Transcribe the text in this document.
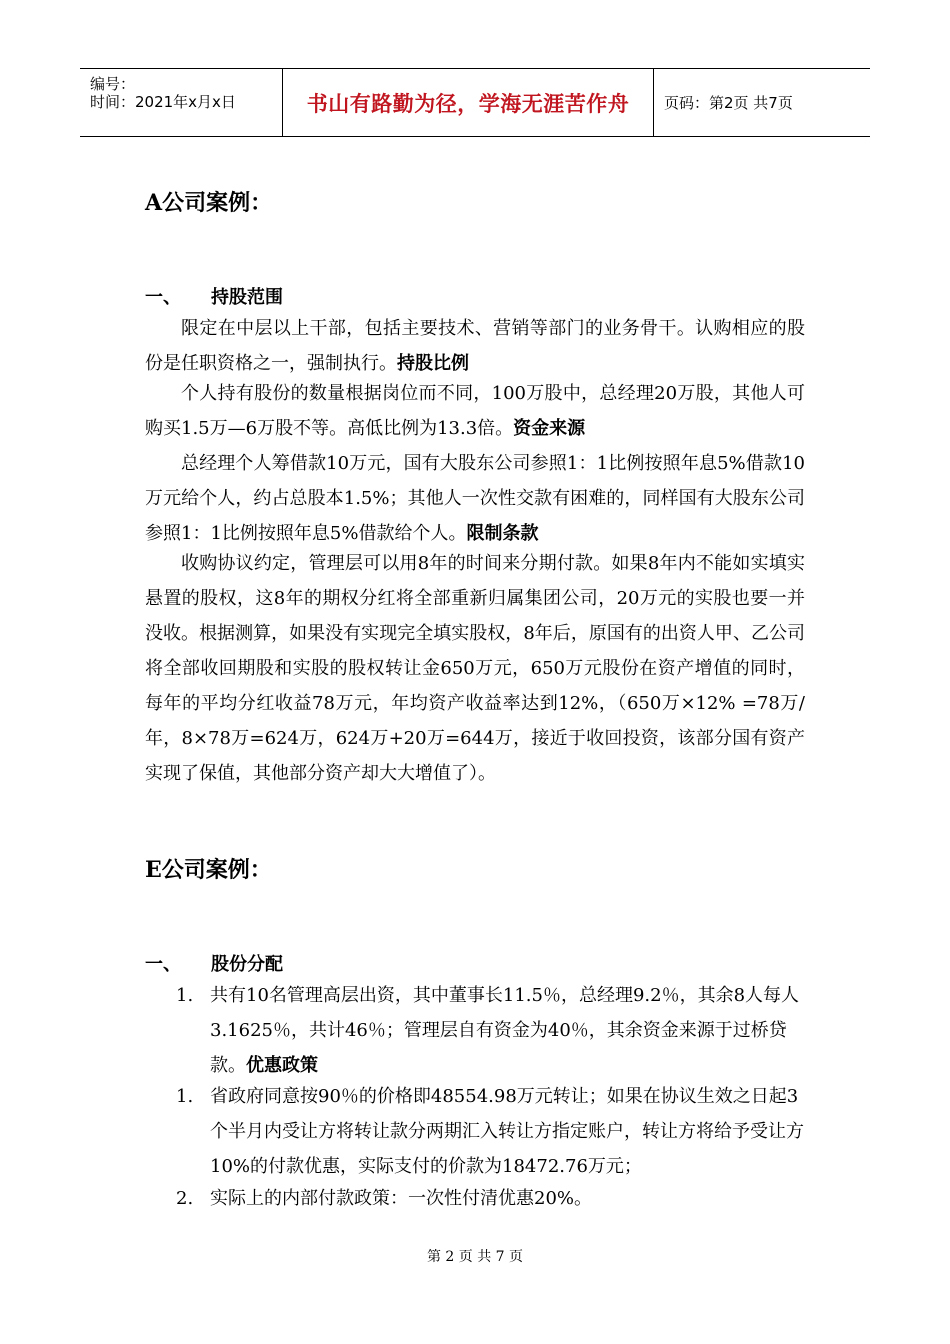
编号：
时间：2021年x月x日	书山有路勤为径，学海无涯苦作舟	页码：第2页 共7页
A公司案例：
一、 持股范围

限定在中层以上干部，包括主要技术、营销等部门的业务骨干。认购相应的股份是任职资格之一，强制执行。持股比例

个人持有股份的数量根据岗位而不同，100万股中，总经理20万股，其他人可购买1.5万—6万股不等。高低比例为13.3倍。资金来源

总经理个人筹借款10万元，国有大股东公司参照1：1比例按照年息5%借款10万元给个人，约占总股本1.5%；其他人一次性交款有困难的，同样国有大股东公司参照1：1比例按照年息5%借款给个人。限制条款

收购协议约定，管理层可以用8年的时间来分期付款。如果8年内不能如实填实悬置的股权，这8年的期权分红将全部重新归属集团公司，20万元的实股也要一并没收。根据测算，如果没有实现完全填实股权，8年后，原国有的出资人甲、乙公司将全部收回期股和实股的股权转让金650万元，650万元股份在资产增值的同时，每年的平均分红收益78万元，年均资产收益率达到12%，（650万×12% =78万/年，8×78万=624万，624万+20万=644万，接近于收回投资，该部分国有资产实现了保值，其他部分资产却大大增值了）。

E公司案例：
一、 股份分配
1. 共有10名管理高层出资，其中董事长11.5％，总经理9.2％，其余8人每人3.1625％，共计46％；管理层自有资金为40％，其余资金来源于过桥贷款。优惠政策
1. 省政府同意按90％的价格即48554.98万元转让；如果在协议生效之日起3个半月内受让方将转让款分两期汇入转让方指定账户，转让方将给予受让方10%的付款优惠，实际支付的价款为18472.76万元；
2. 实际上的内部付款政策：一次性付清优惠20%。
第 2 页 共 7 页
